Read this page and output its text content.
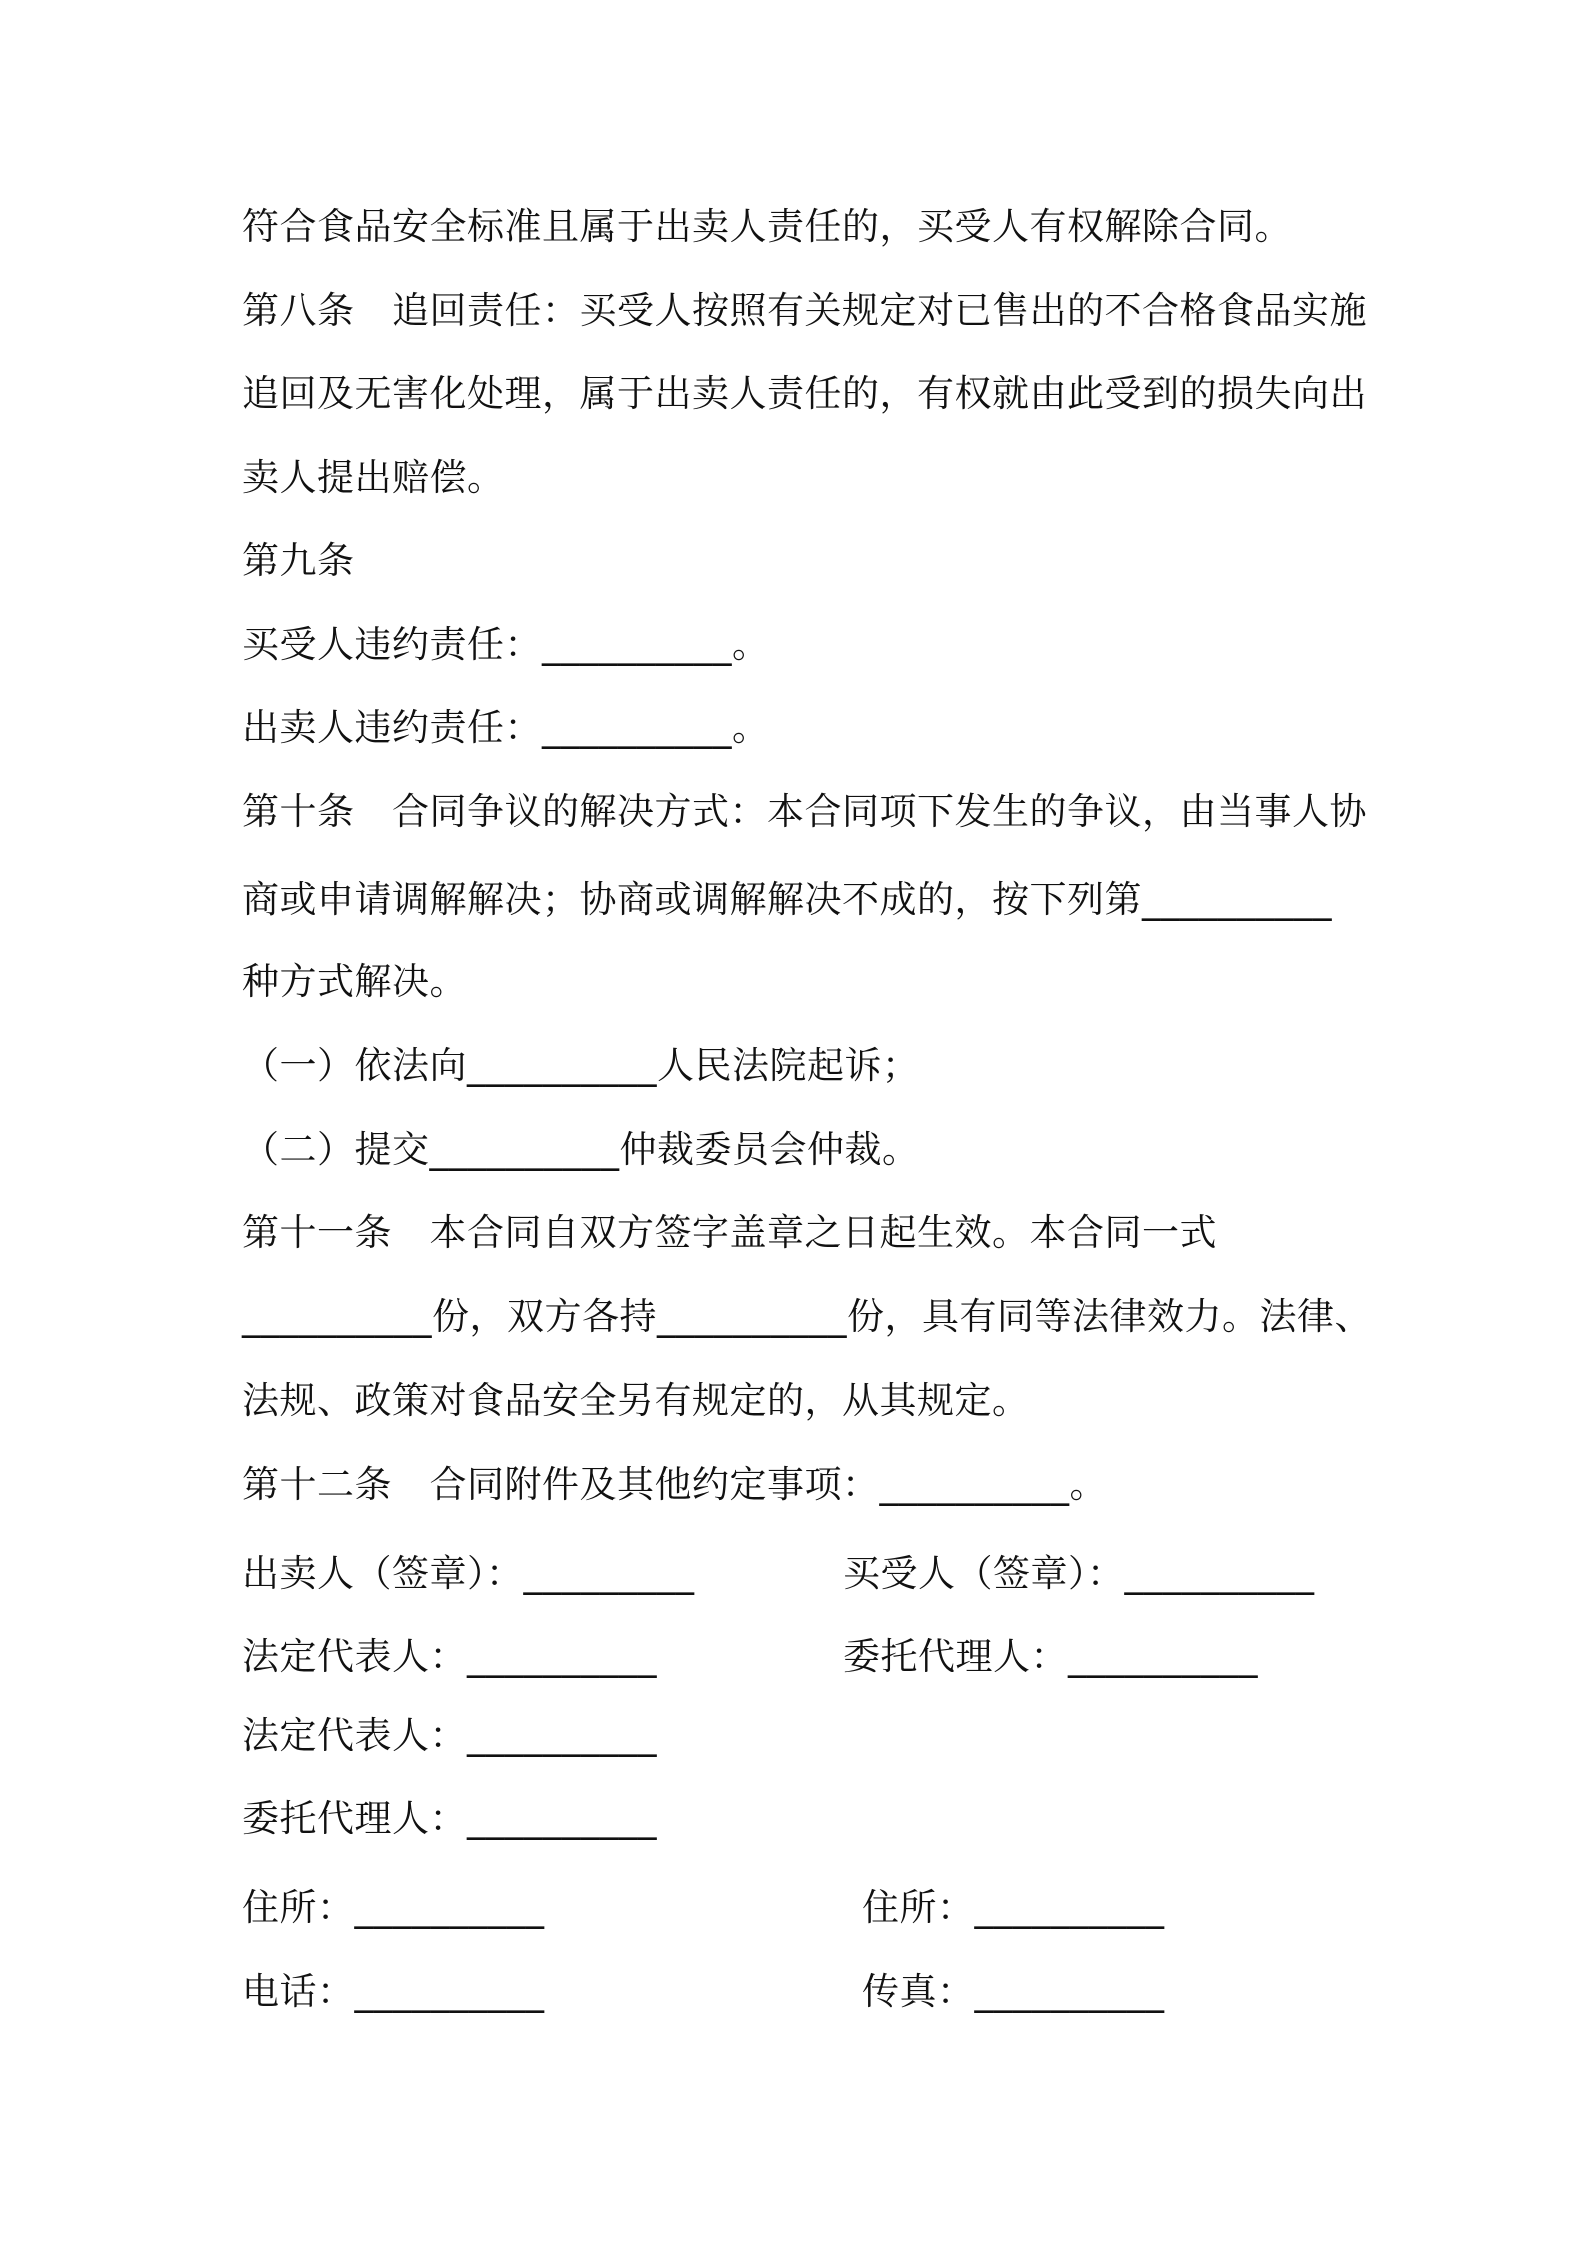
符合食品安全标准且属于出卖人责任的，买受人有权解除合同。
第八条　追回责任：买受人按照有关规定对已售出的不合格食品实施
追回及无害化处理，属于出卖人责任的，有权就由此受到的损失向出
卖人提出赔偿。
第九条
买受人违约责任：__________。
出卖人违约责任：__________。
第十条　合同争议的解决方式：本合同项下发生的争议，由当事人协
商或申请调解解决；协商或调解解决不成的，按下列第__________
种方式解决。
（一）依法向__________人民法院起诉；
（二）提交__________仲裁委员会仲裁。
第十一条　本合同自双方签字盖章之日起生效。本合同一式
__________份，双方各持__________份，具有同等法律效力。法律、
法规、政策对食品安全另有规定的，从其规定。
第十二条　合同附件及其他约定事项：__________。
出卖人（签章）：_________	买受人（签章）：__________
法定代表人：__________	委托代理人：__________
法定代表人：__________
委托代理人：__________
住所：__________	住所：__________
电话：__________	传真：__________
